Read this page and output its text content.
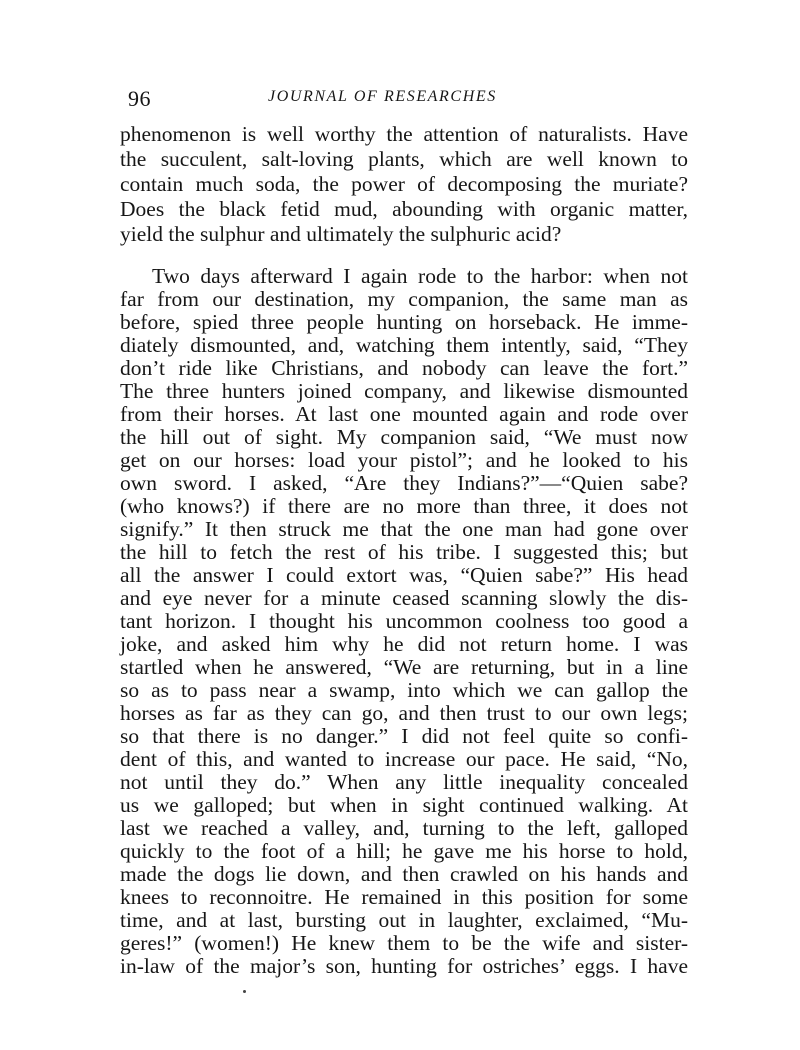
96	JOURNAL OF RESEARCHES
phenomenon is well worthy the attention of naturalists. Have
the succulent, salt-loving plants, which are well known to
contain much soda, the power of decomposing the muriate?
Does the black fetid mud, abounding with organic matter,
yield the sulphur and ultimately the sulphuric acid?
Two days afterward I again rode to the harbor: when not
far from our destination, my companion, the same man as
before, spied three people hunting on horseback. He imme-
diately dismounted, and, watching them intently, said, “They
don’t ride like Christians, and nobody can leave the fort.”
The three hunters joined company, and likewise dismounted
from their horses. At last one mounted again and rode over
the hill out of sight. My companion said, “We must now
get on our horses: load your pistol”; and he looked to his
own sword. I asked, “Are they Indians?”—“Quien sabe?
(who knows?) if there are no more than three, it does not
signify.” It then struck me that the one man had gone over
the hill to fetch the rest of his tribe. I suggested this; but
all the answer I could extort was, “Quien sabe?” His head
and eye never for a minute ceased scanning slowly the dis-
tant horizon. I thought his uncommon coolness too good a
joke, and asked him why he did not return home. I was
startled when he answered, “We are returning, but in a line
so as to pass near a swamp, into which we can gallop the
horses as far as they can go, and then trust to our own legs;
so that there is no danger.” I did not feel quite so confi-
dent of this, and wanted to increase our pace. He said, “No,
not until they do.” When any little inequality concealed
us we galloped; but when in sight continued walking. At
last we reached a valley, and, turning to the left, galloped
quickly to the foot of a hill; he gave me his horse to hold,
made the dogs lie down, and then crawled on his hands and
knees to reconnoitre. He remained in this position for some
time, and at last, bursting out in laughter, exclaimed, “Mu-
geres!” (women!) He knew them to be the wife and sister-
in-law of the major’s son, hunting for ostriches’ eggs. I have
